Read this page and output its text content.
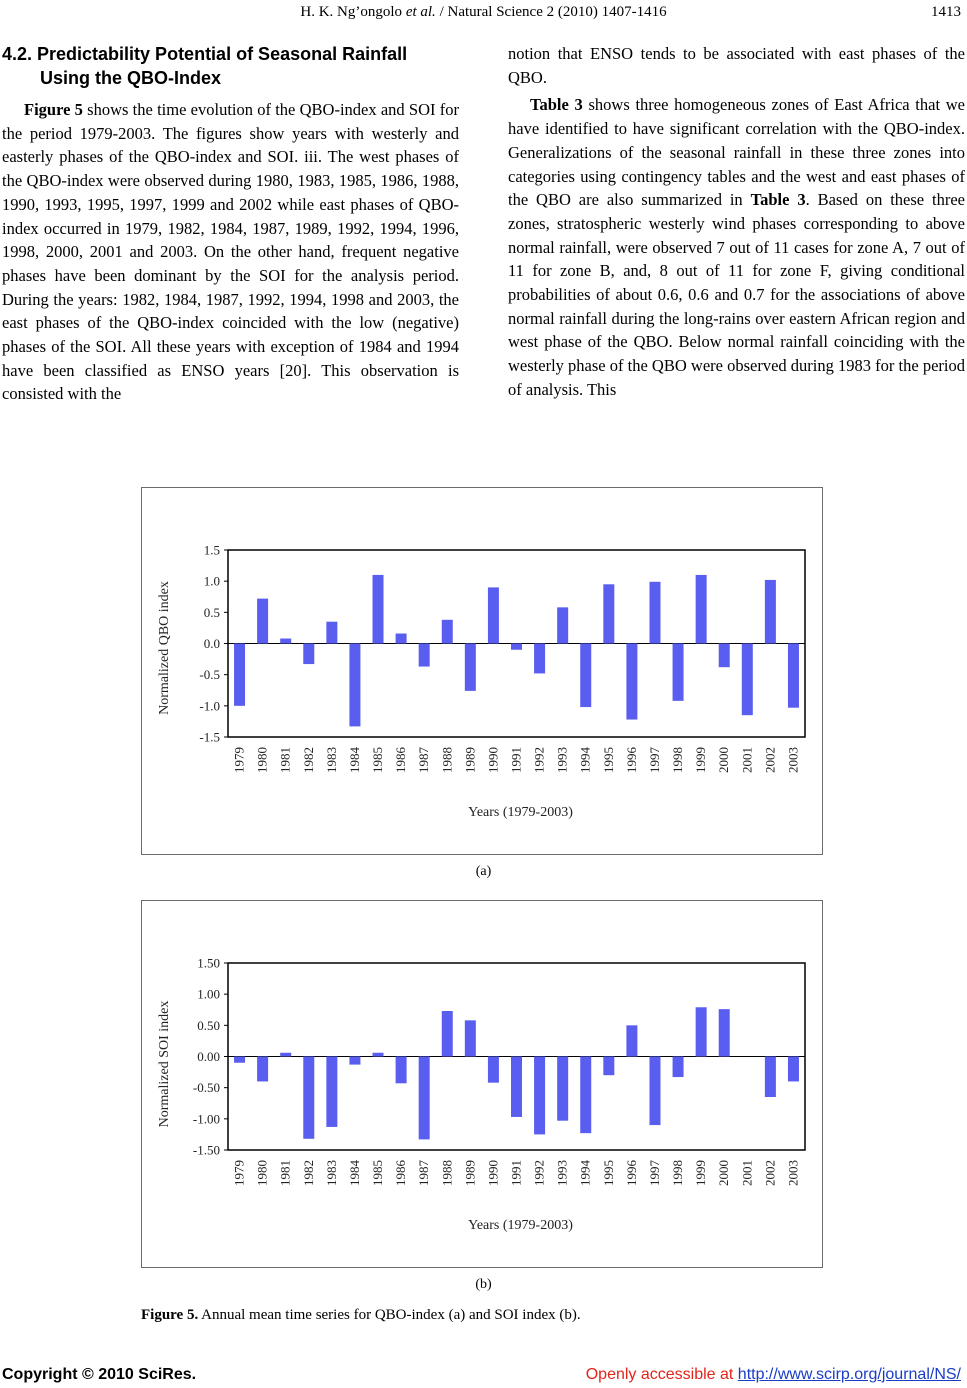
H. K. Ng’ongolo et al. / Natural Science 2 (2010) 1407-1416	1413
4.2. Predictability Potential of Seasonal Rainfall Using the QBO-Index

Figure 5 shows the time evolution of the QBO-index and SOI for the period 1979-2003. The figures show years with westerly and easterly phases of the QBO-index and SOI. iii. The west phases of the QBO-index were observed during 1980, 1983, 1985, 1986, 1988, 1990, 1993, 1995, 1997, 1999 and 2002 while east phases of QBO-index occurred in 1979, 1982, 1984, 1987, 1989, 1992, 1994, 1996, 1998, 2000, 2001 and 2003. On the other hand, frequent negative phases have been dominant by the SOI for the analysis period. During the years: 1982, 1984, 1987, 1992, 1994, 1998 and 2003, the east phases of the QBO-index coincided with the low (negative) phases of the SOI. All these years with exception of 1984 and 1994 have been classified as ENSO years [20]. This observation is consisted with the

notion that ENSO tends to be associated with east phases of the QBO.

Table 3 shows three homogeneous zones of East Africa that we have identified to have significant correlation with the QBO-index. Generalizations of the seasonal rainfall in these three zones into categories using contingency tables and the west and east phases of the QBO are also summarized in Table 3. Based on these three zones, stratospheric westerly wind phases corresponding to above normal rainfall, were observed 7 out of 11 cases for zone A, 7 out of 11 for zone B, and, 8 out of 11 for zone F, giving conditional probabilities of about 0.6, 0.6 and 0.7 for the associations of above normal rainfall during the long-rains over eastern African region and west phase of the QBO. Below normal rainfall coinciding with the westerly phase of the QBO were observed during 1983 for the period of analysis. This

1.5
1.0
0.5
0.0
-0.5
-1.0
-1.5
1979 1980 1981 1982 1983 1984 1985 1986 1987 1988 1989 1990 1991 1992 1993 1994 1995 1996 1997 1998 1999 2000 2001 2002 2003
Years (1979-2003)
Normalized QBO index
(a)
1.50
1.00
0.50
0.00
-0.50
-1.00
-1.50
1979 1980 1981 1982 1983 1984 1985 1986 1987 1988 1989 1990 1991 1992 1993 1994 1995 1996 1997 1998 1999 2000 2001 2002 2003
Years (1979-2003)
Normalized SOI index
(b)
Figure 5. Annual mean time series for QBO-index (a) and SOI index (b).
Copyright © 2010 SciRes.	Openly accessible at http://www.scirp.org/journal/NS/
